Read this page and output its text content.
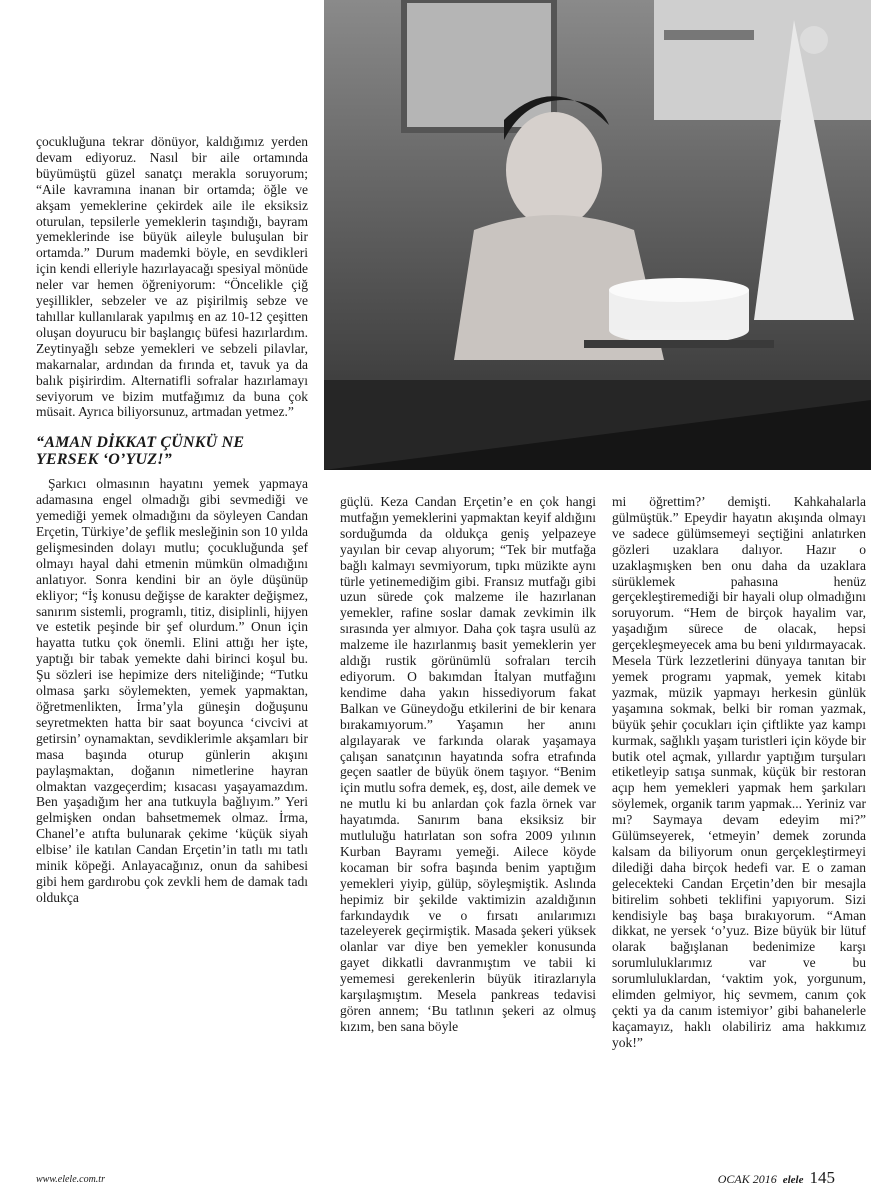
çocukluğuna tekrar dönüyor, kaldığımız yerden devam ediyoruz. Nasıl bir aile ortamında büyümüştü güzel sanatçı merakla soruyorum; “Aile kavramına inanan bir ortamda; öğle ve akşam yemeklerine çekirdek aile ile eksiksiz oturulan, tepsilerle yemeklerin taşındığı, bayram yemeklerinde ise büyük aileyle buluşulan bir ortamda.” Durum mademki böyle, en sevdikleri için kendi elleriyle hazırlayacağı spesiyal mönüde neler var hemen öğreniyorum: “Öncelikle çiğ yeşillikler, sebzeler ve az pişirilmiş sebze ve tahıllar kullanılarak yapılmış en az 10-12 çeşitten oluşan doyurucu bir başlangıç büfesi hazırlardım. Zeytinyağlı sebze yemekleri ve sebzeli pilavlar, makarnalar, ardından da fırında et, tavuk ya da balık pişirirdim. Alternatifli sofralar hazırlamayı seviyorum ve bizim mutfağımız da buna çok müsait. Ayrıca biliyorsunuz, artmadan yetmez.”

“AMAN DİKKAT ÇÜNKÜ NE YERSEK ‘O’YUZ!”

Şarkıcı olmasının hayatını yemek yapmaya adamasına engel olmadığı gibi sevmediği ve yemediği yemek olmadığını da söyleyen Candan Erçetin, Türkiye’de şeflik mesleğinin son 10 yılda gelişmesinden dolayı mutlu; çocukluğunda şef olmayı hayal dahi etmenin mümkün olmadığını anlatıyor. Sonra kendini bir an öyle düşünüp ekliyor; “İş konusu değişse de karakter değişmez, sanırım sistemli, programlı, titiz, disiplinli, hijyen ve estetik peşinde bir şef olurdum.” Onun için hayatta tutku çok önemli. Elini attığı her işte, yaptığı bir tabak yemekte dahi birinci koşul bu. Şu sözleri ise hepimize ders niteliğinde; “Tutku olmasa şarkı söylemekten, yemek yapmaktan, öğretmenlikten, İrma’yla güneşin doğuşunu seyretmekten hatta bir saat boyunca ‘civcivi at getirsin’ oynamaktan, sevdiklerimle akşamları bir masa başında oturup günlerin akışını paylaşmaktan, doğanın nimetlerine hayran olmaktan vazgeçerdim; kısacası yaşayamazdım. Ben yaşadığım her ana tutkuyla bağlıyım.” Yeri gelmişken ondan bahsetmemek olmaz. İrma, Chanel’e atıfta bulunarak çekime ‘küçük siyah elbise’ ile katılan Candan Erçetin’in tatlı mı tatlı minik köpeği. Anlayacağınız, onun da sahibesi gibi hem gardırobu çok zevkli hem de damak tadı oldukça

güçlü. Keza Candan Erçetin’e en çok hangi mutfağın yemeklerini yapmaktan keyif aldığını sorduğumda da oldukça geniş yelpazeye yayılan bir cevap alıyorum; “Tek bir mutfağa bağlı kalmayı sevmiyorum, tıpkı müzikte aynı türle yetinemediğim gibi. Fransız mutfağı gibi uzun sürede çok malzeme ile hazırlanan yemekler, rafine soslar damak zevkimin ilk sırasında yer almıyor. Daha çok taşra usulü az malzeme ile hazırlanmış basit yemeklerin yer aldığı rustik görünümlü sofraları tercih ediyorum. O bakımdan İtalyan mutfağını kendime daha yakın hissediyorum fakat Balkan ve Güneydoğu etkilerini de bir kenara bırakamıyorum.” Yaşamın her anını algılayarak ve farkında olarak yaşamaya çalışan sanatçının hayatında sofra etrafında geçen saatler de büyük önem taşıyor. “Benim için mutlu sofra demek, eş, dost, aile demek ve ne mutlu ki bu anlardan çok fazla örnek var hayatımda. Sanırım bana eksiksiz bir mutluluğu hatırlatan son sofra 2009 yılının Kurban Bayramı yemeği. Ailece köyde kocaman bir sofra başında benim yaptığım yemekleri yiyip, gülüp, söyleşmiştik. Aslında hepimiz bir şekilde vaktimizin azaldığının farkındaydık ve o fırsatı anılarımızı tazeleyerek geçirmiştik. Masada şekeri yüksek olanlar var diye ben yemekler konusunda gayet dikkatli davranmıştım ve tabii ki yememesi gerekenlerin büyük itirazlarıyla karşılaşmıştım. Mesela pankreas tedavisi gören annem; ‘Bu tatlının şekeri az olmuş kızım, ben sana böyle

mi öğrettim?’ demişti. Kahkahalarla gülmüştük.” Epeydir hayatın akışında olmayı ve sadece gülümsemeyi seçtiğini anlatırken gözleri uzaklara dalıyor. Hazır o uzaklaşmışken ben onu daha da uzaklara sürüklemek pahasına henüz gerçekleştiremediği bir hayali olup olmadığını soruyorum. “Hem de birçok hayalim var, yaşadığım sürece de olacak, hepsi gerçekleşmeyecek ama bu beni yıldırmayacak. Mesela Türk lezzetlerini dünyaya tanıtan bir yemek programı yapmak, yemek kitabı yazmak, müzik yapmayı herkesin günlük yaşamına sokmak, belki bir roman yazmak, büyük şehir çocukları için çiftlikte yaz kampı kurmak, sağlıklı yaşam turistleri için köyde bir butik otel açmak, yıllardır yaptığım turşuları etiketleyip satışa sunmak, küçük bir restoran açıp hem yemekleri yapmak hem şarkıları söylemek, organik tarım yapmak... Yeriniz var mı? Saymaya devam edeyim mi?” Gülümseyerek, ‘etmeyin’ demek zorunda kalsam da biliyorum onun gerçekleştirmeyi dilediği daha birçok hedefi var. E o zaman gelecekteki Candan Erçetin’den bir mesajla bitirelim sohbeti teklifini yapıyorum. Sizi kendisiyle baş başa bırakıyorum. “Aman dikkat, ne yersek ‘o’yuz. Bize büyük bir lütuf olarak bağışlanan bedenimize karşı sorumluluklarımız var ve bu sorumluluklardan, ‘vaktim yok, yorgunum, elimden gelmiyor, hiç sevmem, canım çok çekti ya da canım istemiyor’ gibi bahanelerle kaçamayız, haklı olabiliriz ama hakkımız yok!”

www.elele.com.tr	OCAK 2016 elele 145
